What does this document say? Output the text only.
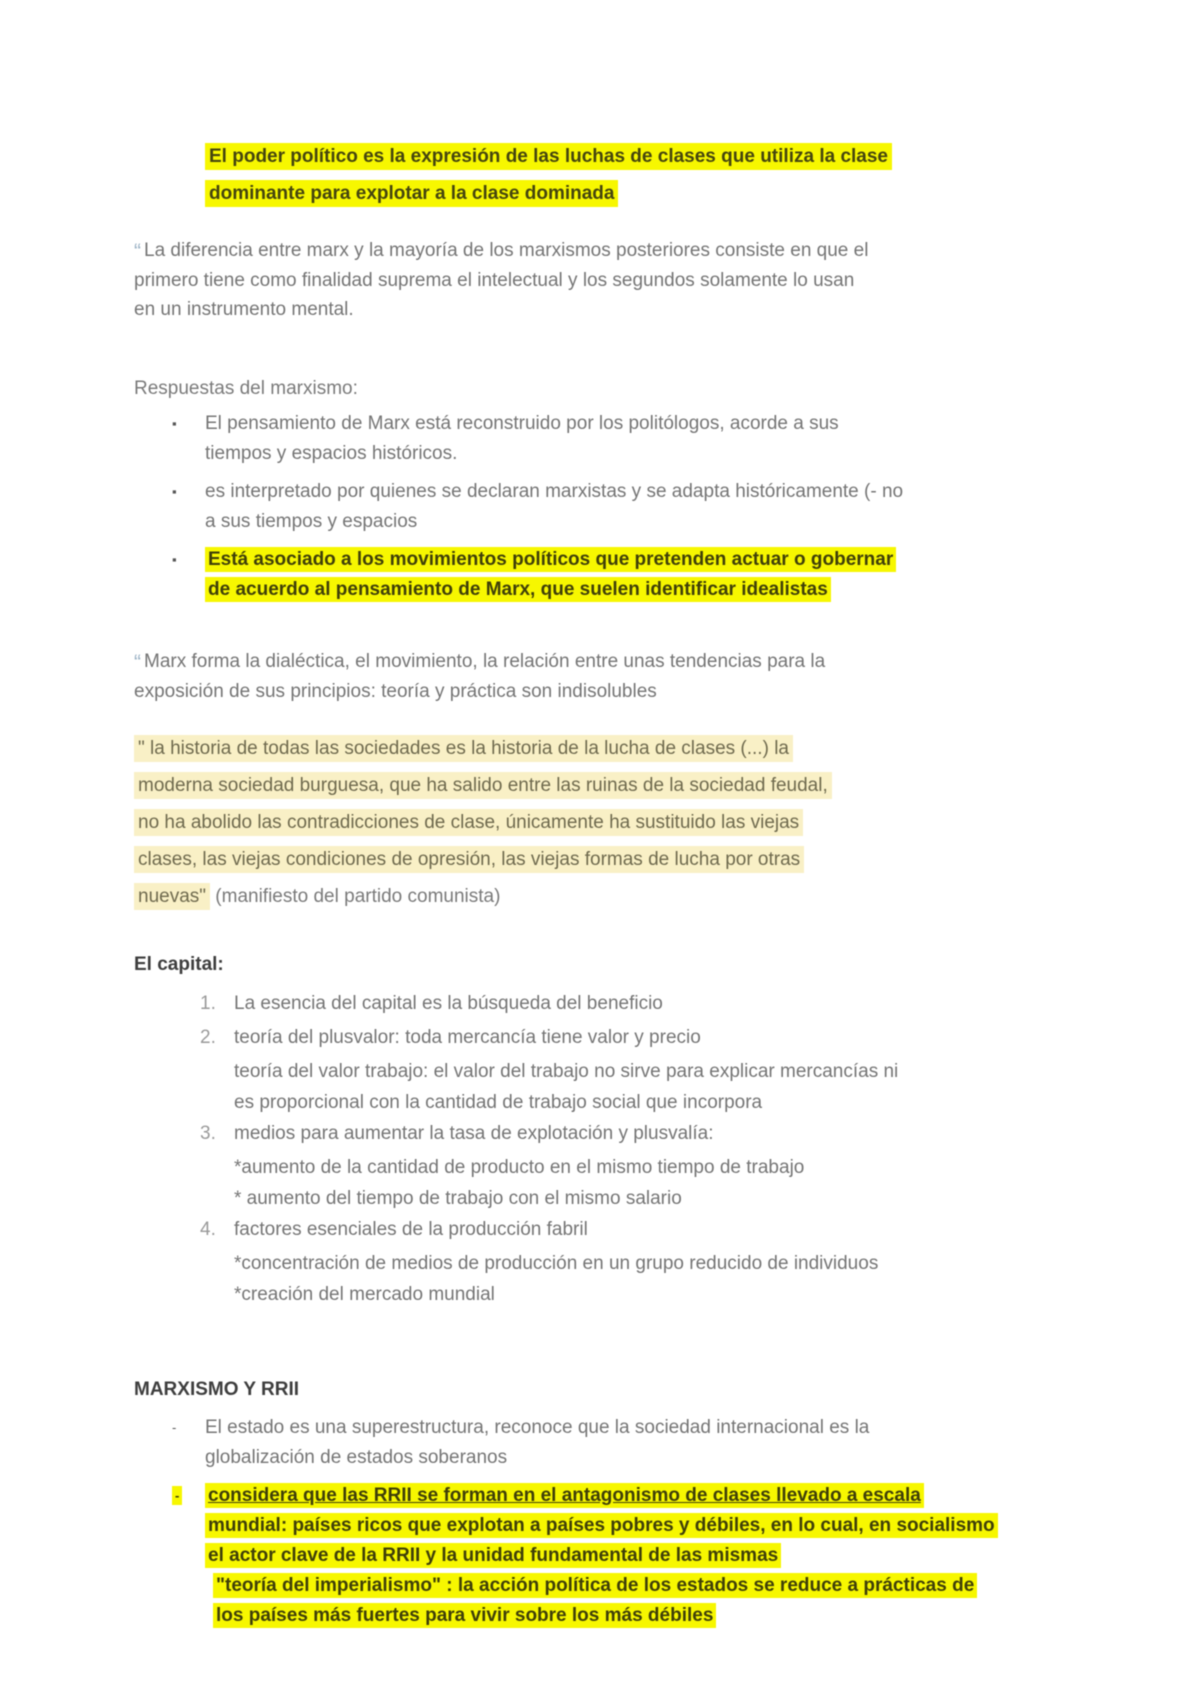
El poder político es la expresión de las luchas de clases que utiliza la clase
dominante para explotar a la clase dominada
“ La diferencia entre marx y la mayoría de los marxismos posteriores consiste en que el
primero tiene como finalidad suprema el intelectual y los segundos solamente lo usan
en un instrumento mental.
Respuestas del marxismo:
▪	El pensamiento de Marx está reconstruido por los politólogos, acorde a sus
tiempos y espacios históricos.
▪	es interpretado por quienes se declaran marxistas y se adapta históricamente (- no
a sus tiempos y espacios
▪	Está asociado a los movimientos políticos que pretenden actuar o gobernar
de acuerdo al pensamiento de Marx, que suelen identificar idealistas
“ Marx forma la dialéctica, el movimiento, la relación entre unas tendencias para la
exposición de sus principios: teoría y práctica son indisolubles
" la historia de todas las sociedades es la historia de la lucha de clases (...) la
moderna sociedad burguesa, que ha salido entre las ruinas de la sociedad feudal,
no ha abolido las contradicciones de clase, únicamente ha sustituido las viejas
clases, las viejas condiciones de opresión, las viejas formas de lucha por otras
nuevas" (manifiesto del partido comunista)
El capital:
1. La esencia del capital es la búsqueda del beneficio
2. teoría del plusvalor: toda mercancía tiene valor y precio
teoría del valor trabajo: el valor del trabajo no sirve para explicar mercancías ni
es proporcional con la cantidad de trabajo social que incorpora
3. medios para aumentar la tasa de explotación y plusvalía:
*aumento de la cantidad de producto en el mismo tiempo de trabajo
* aumento del tiempo de trabajo con el mismo salario
4. factores esenciales de la producción fabril
*concentración de medios de producción en un grupo reducido de individuos
*creación del mercado mundial
MARXISMO Y RRII
-	El estado es una superestructura, reconoce que la sociedad internacional es la
globalización de estados soberanos
-	considera que las RRII se forman en el antagonismo de clases llevado a escala
mundial: países ricos que explotan a países pobres y débiles, en lo cual, en socialismo
el actor clave de la RRII y la unidad fundamental de las mismas
"teoría del imperialismo" : la acción política de los estados se reduce a prácticas de
los países más fuertes para vivir sobre los más débiles
